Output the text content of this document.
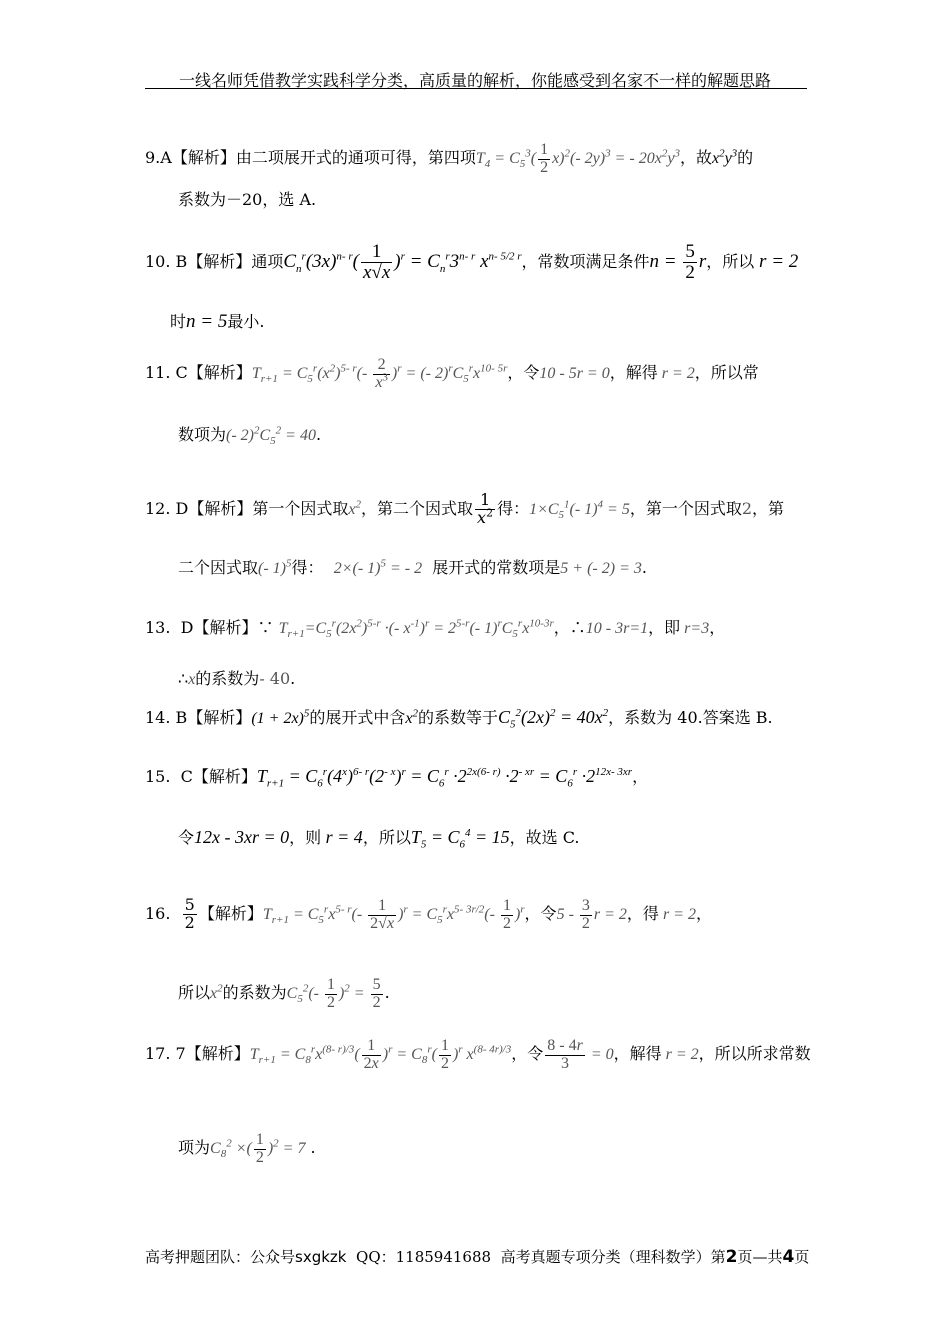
一线名师凭借教学实践科学分类，高质量的解析，你能感受到名家不一样的解题思路
9.A【解析】由二项展开式的通项可得，第四项$T_4 = C_5^3( \frac{1}{2} x)^2(-$ 2y)$^3$ = - $20x^2y^3$，故$x^2y^3$的
系数为－20，选 A.
10. B【解析】通项$C_n^r(3x)^{n- r}( \frac{1}{x√x} )^r = C_n^r3^{n- r}$ $x^{n- 5/2 r}$，常数项满足条件$n = \frac{5}{2}$ r，所以 r = 2
时n = 5最小.
11. C【解析】$T_{r+1} = C_5^r(x^2)^{5- r}(- \frac{2}{x^3} )^r$ = (- $2)^rC_5^rx^{10- 5r}$，令10 - 5r = 0，解得 r = 2，所以常
数项为(- $2)^2C_5^2 = 40$.
12. D【解析】第一个因式取$x^2$，第二个因式取 $\frac{1}{x^2}$ 得：$1\times C_5^1(-$ 1)$^4$ = 5，第一个因式取2，第
二个因式取(- 1)$^5$得： 2×(- 1)$^5$ = - 2 展开式的常数项是5 + (- 2) = 3.
13. D【解析】∵ $T_{r+1}=C_5^r(2x^2)^{5-r}$ ·(- $x^{-1})^r = 2^{5-r}(-$ $1)^rC_5^rx^{10-3r}$，∴10 - 3r=1，即 r=3，
∴x的系数为- 40.
14. B【解析】$(1 + 2x)^5$的展开式中含$x^2$的系数等于$C_5^2(2x)^2 = 40x^2$，系数为 40.答案选 B.
15. C【解析】$T_{r+1} = C_6^r(4^x)^{6- r}(2^{- x})^r = C_6^r \cdot 2^{2x(6- r)} \cdot 2^{- xr} = C_6^r \cdot 2^{12x- 3xr}$，
令12x - 3xr = 0，则 r = 4，所以$T_5 = C_6^4 = 15$，故选 C.
16. $\frac{5}{2}$ 【解析】$T_{r+1} = C_5^rx^{5- r}(- \frac{1}{2√x} )^r = C_5^rx^{5- 3r/2}(- \frac{1}{2} )^r$，令$5 - \frac{3}{2}$ r = 2，得 r = 2，
所以$x^2$的系数为$C_5^2(- \frac{1}{2} )^2 = \frac{5}{2}$ .
17. 7【解析】$T_{r+1} = C_8^rx^{(8- r)/3}( \frac{1}{2x} )^r = C_8^r( \frac{1}{2} )^r$ $x^{(8- 4r)/3}$，令 $\frac{8 - 4r}{3} = 0$，解得 r = 2，所以所求常数
项为$C_8^2$ ×( $\frac{1}{2} )^2 = 7$ .
高考押题团队：公众号sxgkzk QQ：1185941688 高考真题专项分类（理科数学）第2页—共4页
